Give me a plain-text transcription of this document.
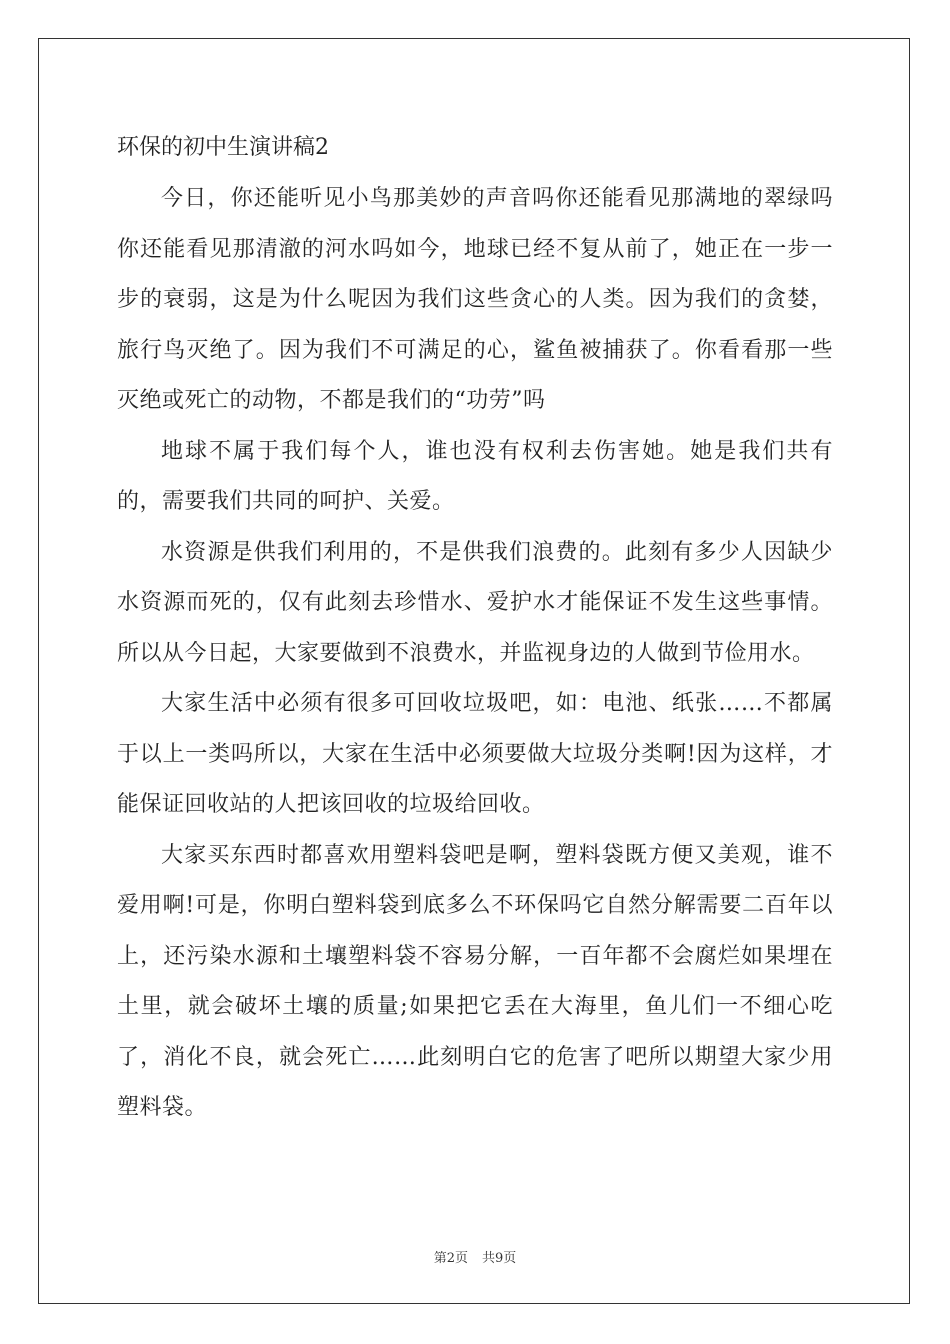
环保的初中生演讲稿2

今日，你还能听见小鸟那美妙的声音吗你还能看见那满地的翠绿吗你还能看见那清澈的河水吗如今，地球已经不复从前了，她正在一步一步的衰弱，这是为什么呢因为我们这些贪心的人类。因为我们的贪婪，旅行鸟灭绝了。因为我们不可满足的心，鲨鱼被捕获了。你看看那一些灭绝或死亡的动物，不都是我们的“功劳”吗

地球不属于我们每个人，谁也没有权利去伤害她。她是我们共有的，需要我们共同的呵护、关爱。

水资源是供我们利用的，不是供我们浪费的。此刻有多少人因缺少水资源而死的，仅有此刻去珍惜水、爱护水才能保证不发生这些事情。所以从今日起，大家要做到不浪费水，并监视身边的人做到节俭用水。

大家生活中必须有很多可回收垃圾吧，如：电池、纸张……不都属于以上一类吗所以，大家在生活中必须要做大垃圾分类啊!因为这样，才能保证回收站的人把该回收的垃圾给回收。

大家买东西时都喜欢用塑料袋吧是啊，塑料袋既方便又美观，谁不爱用啊!可是，你明白塑料袋到底多么不环保吗它自然分解需要二百年以上，还污染水源和土壤塑料袋不容易分解，一百年都不会腐烂如果埋在土里，就会破坏土壤的质量;如果把它丢在大海里，鱼儿们一不细心吃了，消化不良，就会死亡……此刻明白它的危害了吧所以期望大家少用塑料袋。

第2页 共9页
